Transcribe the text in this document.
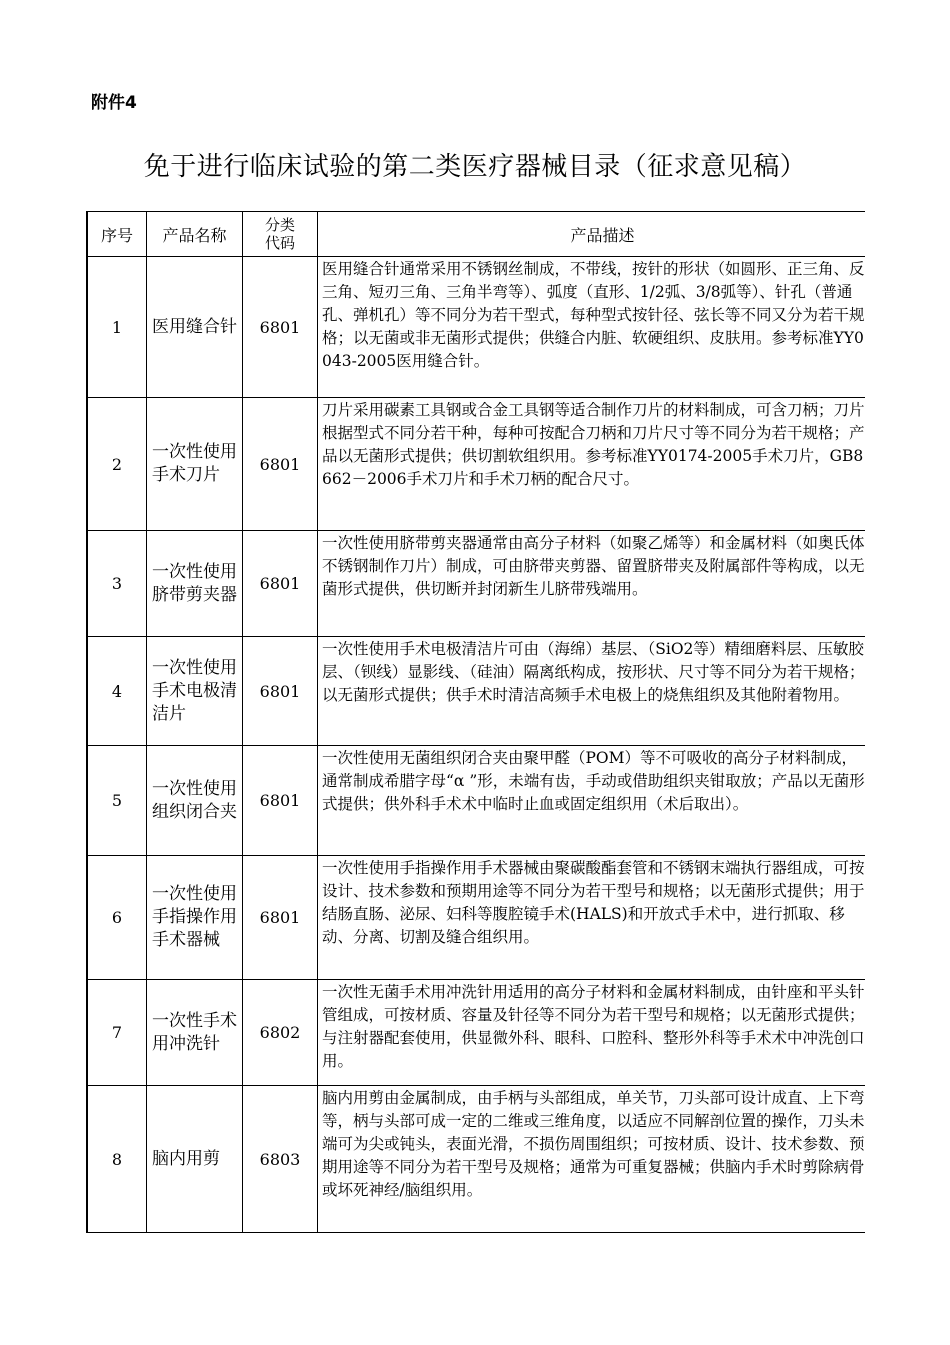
附件4
免于进行临床试验的第二类医疗器械目录（征求意见稿）
序号	产品名称	分类代码	产品描述
1	医用缝合针	6801	医用缝合针通常采用不锈钢丝制成，不带线，按针的形状（如圆形、正三角、反三角、短刃三角、三角半弯等）、弧度（直形、1/2弧、3/8弧等）、针孔（普通孔、弹机孔）等不同分为若干型式，每种型式按针径、弦长等不同又分为若干规格；以无菌或非无菌形式提供；供缝合内脏、软硬组织、皮肤用。参考标准YY0043-2005医用缝合针。

2	一次性使用手术刀片	6801	刀片采用碳素工具钢或合金工具钢等适合制作刀片的材料制成，可含刀柄；刀片根据型式不同分若干种，每种可按配合刀柄和刀片尺寸等不同分为若干规格；产品以无菌形式提供；供切割软组织用。参考标准YY0174-2005手术刀片，GB8662－2006手术刀片和手术刀柄的配合尺寸。

3	一次性使用脐带剪夹器	6801	一次性使用脐带剪夹器通常由高分子材料（如聚乙烯等）和金属材料（如奥氏体不锈钢制作刀片）制成，可由脐带夹剪器、留置脐带夹及附属部件等构成，以无菌形式提供，供切断并封闭新生儿脐带残端用。

4	一次性使用手术电极清洁片	6801	一次性使用手术电极清洁片可由（海绵）基层、（SiO2等）精细磨料层、压敏胶层、（钡线）显影线、（硅油）隔离纸构成，按形状、尺寸等不同分为若干规格；以无菌形式提供；供手术时清洁高频手术电极上的烧焦组织及其他附着物用。

5	一次性使用组织闭合夹	6801	一次性使用无菌组织闭合夹由聚甲醛（POM）等不可吸收的高分子材料制成，通常制成希腊字母“α ”形，未端有齿，手动或借助组织夹钳取放；产品以无菌形式提供；供外科手术术中临时止血或固定组织用（术后取出）。

6	一次性使用手指操作用手术器械	6801	一次性使用手指操作用手术器械由聚碳酸酯套管和不锈钢末端执行器组成，可按设计、技术参数和预期用途等不同分为若干型号和规格；以无菌形式提供；用于结肠直肠、泌尿、妇科等腹腔镜手术(HALS)和开放式手术中，进行抓取、移动、分离、切割及缝合组织用。

7	一次性手术用冲洗针	6802	一次性无菌手术用冲洗针用适用的高分子材料和金属材料制成，由针座和平头针管组成，可按材质、容量及针径等不同分为若干型号和规格；以无菌形式提供；与注射器配套使用，供显微外科、眼科、口腔科、整形外科等手术术中冲洗创口用。

8	脑内用剪	6803	脑内用剪由金属制成，由手柄与头部组成，单关节，刀头部可设计成直、上下弯等，柄与头部可成一定的二维或三维角度，以适应不同解剖位置的操作，刀头未端可为尖或钝头，表面光滑，不损伤周围组织；可按材质、设计、技术参数、预期用途等不同分为若干型号及规格；通常为可重复器械；供脑内手术时剪除病骨或坏死神经/脑组织用。
